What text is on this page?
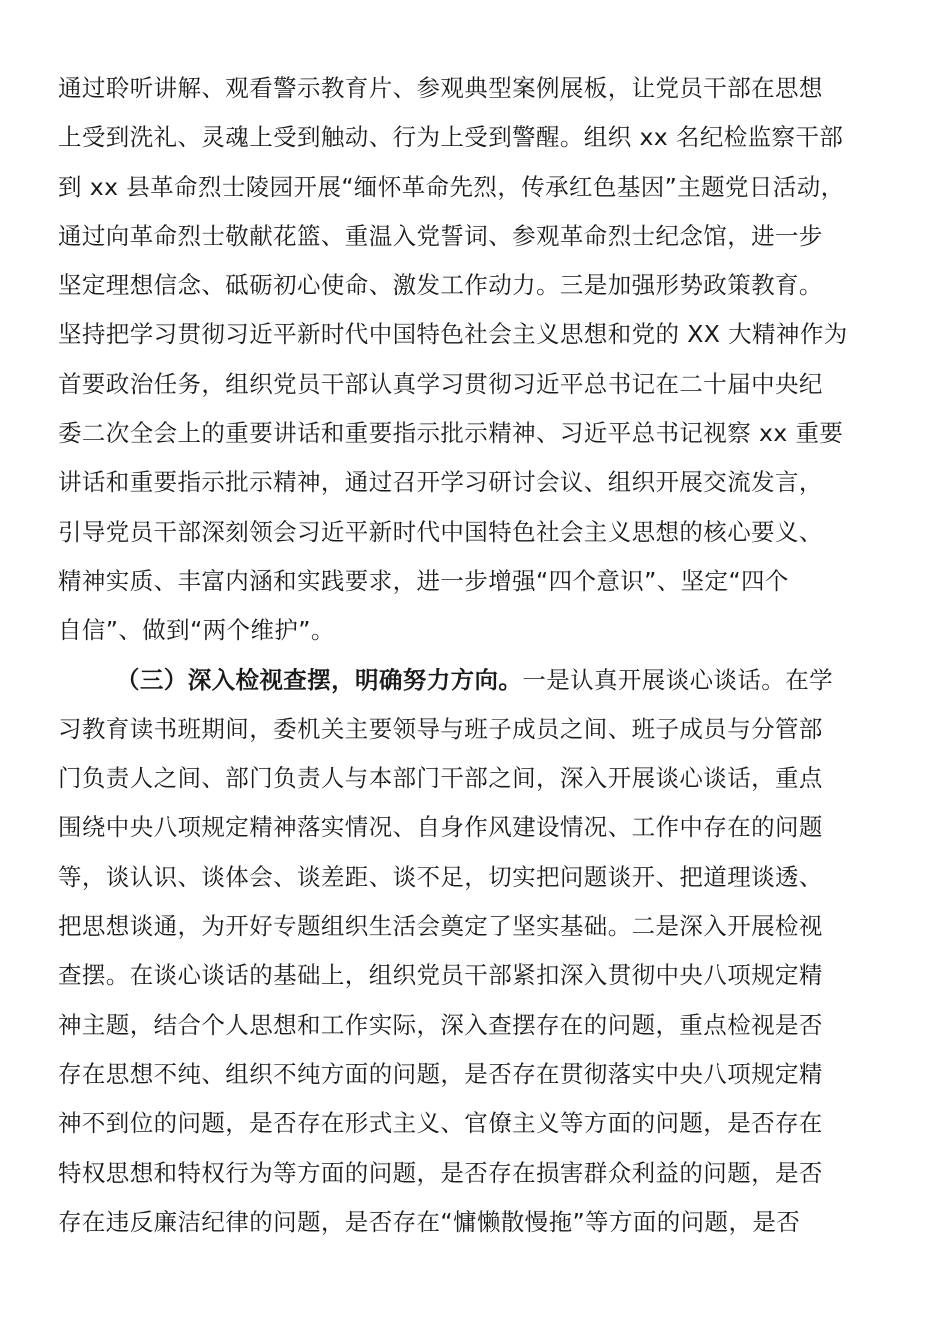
通过聆听讲解、观看警示教育片、参观典型案例展板，让党员干部在思想
上受到洗礼、灵魂上受到触动、行为上受到警醒。组织 xx 名纪检监察干部
到 xx 县革命烈士陵园开展“缅怀革命先烈，传承红色基因”主题党日活动，
通过向革命烈士敬献花篮、重温入党誓词、参观革命烈士纪念馆，进一步
坚定理想信念、砥砺初心使命、激发工作动力。三是加强形势政策教育。
坚持把学习贯彻习近平新时代中国特色社会主义思想和党的 XX 大精神作为
首要政治任务，组织党员干部认真学习贯彻习近平总书记在二十届中央纪
委二次全会上的重要讲话和重要指示批示精神、习近平总书记视察 xx 重要
讲话和重要指示批示精神，通过召开学习研讨会议、组织开展交流发言，
引导党员干部深刻领会习近平新时代中国特色社会主义思想的核心要义、
精神实质、丰富内涵和实践要求，进一步增强“四个意识”、坚定“四个
自信”、做到“两个维护”。
（三）深入检视查摆，明确努力方向。一是认真开展谈心谈话。在学
习教育读书班期间，委机关主要领导与班子成员之间、班子成员与分管部
门负责人之间、部门负责人与本部门干部之间，深入开展谈心谈话，重点
围绕中央八项规定精神落实情况、自身作风建设情况、工作中存在的问题
等，谈认识、谈体会、谈差距、谈不足，切实把问题谈开、把道理谈透、
把思想谈通，为开好专题组织生活会奠定了坚实基础。二是深入开展检视
查摆。在谈心谈话的基础上，组织党员干部紧扣深入贯彻中央八项规定精
神主题，结合个人思想和工作实际，深入查摆存在的问题，重点检视是否
存在思想不纯、组织不纯方面的问题，是否存在贯彻落实中央八项规定精
神不到位的问题，是否存在形式主义、官僚主义等方面的问题，是否存在
特权思想和特权行为等方面的问题，是否存在损害群众利益的问题，是否
存在违反廉洁纪律的问题，是否存在“慵懒散慢拖”等方面的问题，是否
